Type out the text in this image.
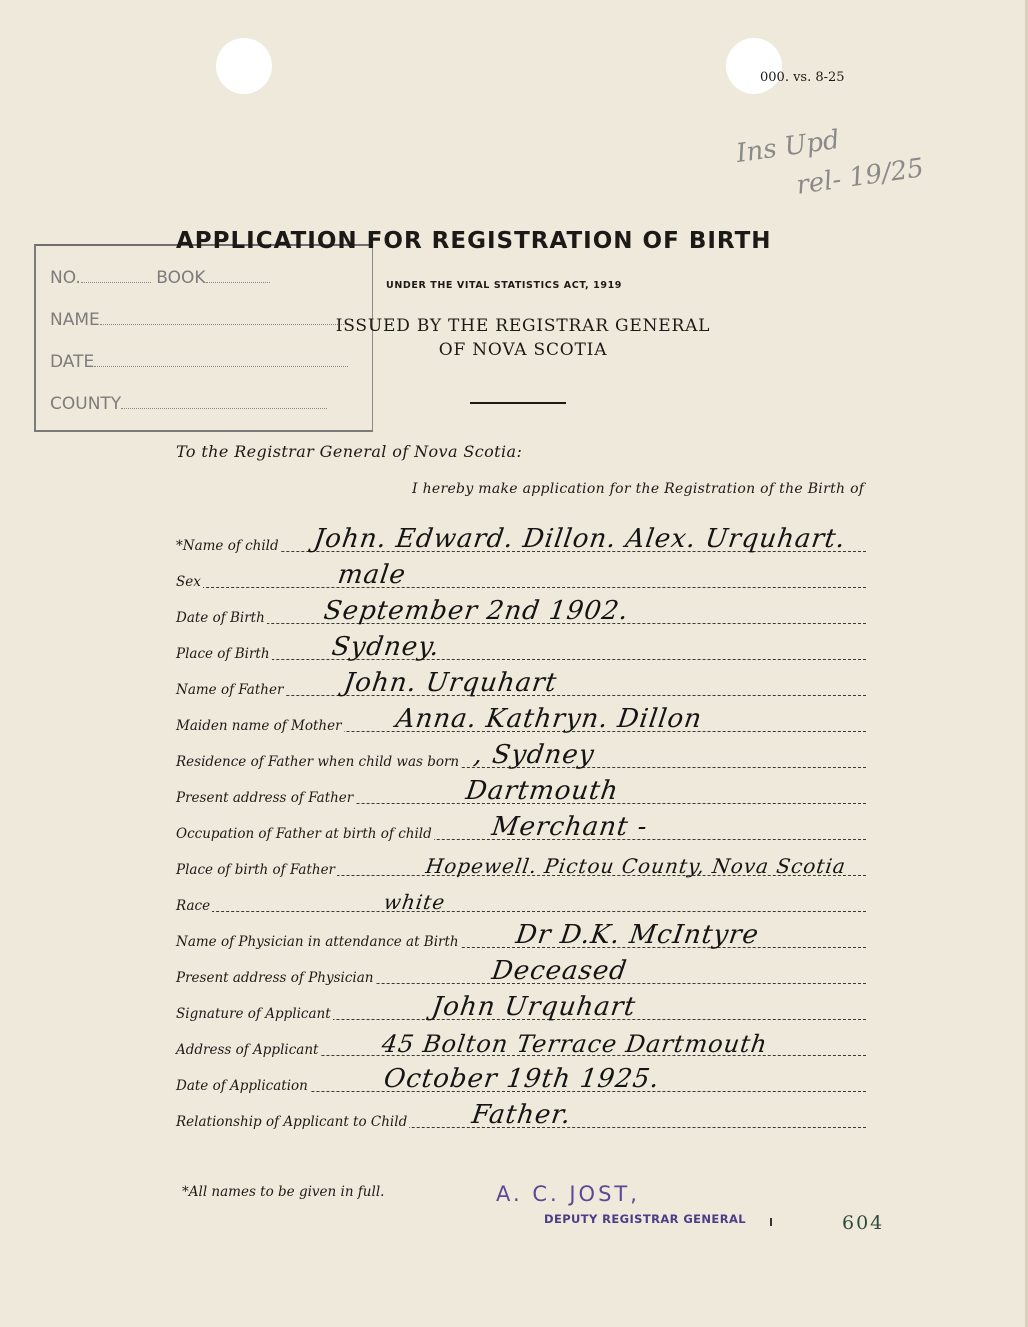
000. vs. 8-25
Ins Upd
rel- 19/25
NO.	BOOK
NAME
DATE
COUNTY
APPLICATION FOR REGISTRATION OF BIRTH
UNDER THE VITAL STATISTICS ACT, 1919
ISSUED BY THE REGISTRAR GENERAL
OF NOVA SCOTIA
To the Registrar General of Nova Scotia:
I hereby make application for the Registration of the Birth of
*Name of child John. Edward. Dillon. Alex. Urquhart.
Sex	male
Date of Birth September 2nd 1902.
Place of Birth Sydney.
Name of Father John. Urquhart
Maiden name of Mother Anna. Kathryn. Dillon
Residence of Father when child was born , Sydney
Present address of Father	Dartmouth
Occupation of Father at birth of child Merchant -
Place of birth of Father	Hopewell. Pictou County, Nova Scotia
Race	white
Name of Physician in attendance at Birth Dr D.K. McIntyre
Present address of Physician	Deceased
Signature of Applicant	John Urquhart
Address of Applicant	45 Bolton Terrace Dartmouth
Date of Application	October 19th 1925.
Relationship of Applicant to Child Father.
*All names to be given in full.	A. C. JOST,
DEPUTY REGISTRAR GENERAL	604
